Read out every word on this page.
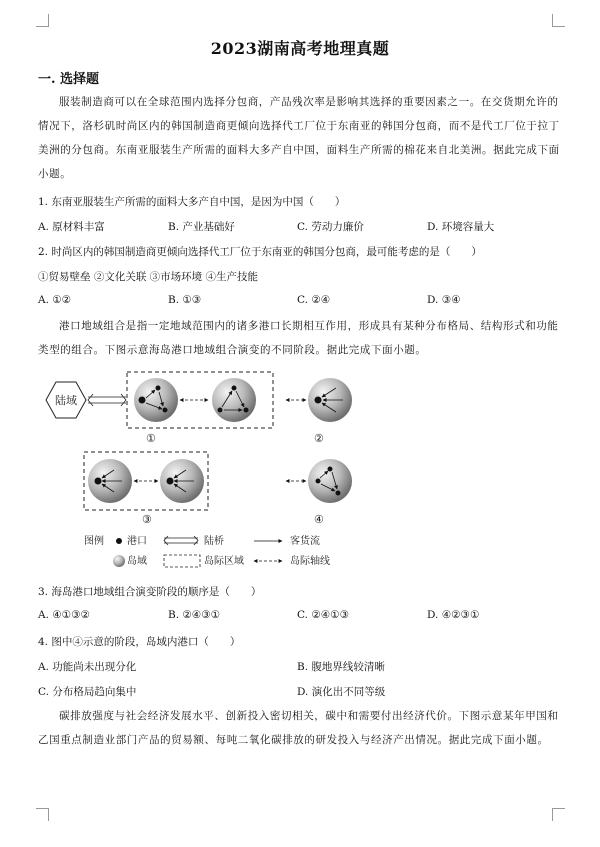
2023湖南高考地理真题
一. 选择题

服装制造商可以在全球范围内选择分包商，产品残次率是影响其选择的重要因素之一。在交货期允许的情况下，洛杉矶时尚区内的韩国制造商更倾向选择代工厂位于东南亚的韩国分包商，而不是代工厂位于拉丁美洲的分包商。东南亚服装生产所需的面料大多产自中国，面料生产所需的棉花来自北美洲。据此完成下面小题。

1. 东南亚服装生产所需的面料大多产自中国，是因为中国（　　）
A. 原材料丰富	B. 产业基础好	C. 劳动力廉价	D. 环境容量大
2. 时尚区内的韩国制造商更倾向选择代工厂位于东南亚的韩国分包商，最可能考虑的是（　　）
①贸易壁垒 ②文化关联 ③市场环境 ④生产技能
A. ①②	B. ①③	C. ②④	D. ③④

港口地域组合是指一定地域范围内的诸多港口长期相互作用，形成具有某种分布格局、结构形式和功能类型的组合。下图示意海岛港口地域组合演变的不同阶段。据此完成下面小题。

陆域
①	②
③	④
图例 港口	陆桥	客货流
岛域	岛际区域	岛际轴线
3. 海岛港口地域组合演变阶段的顺序是（　　）
A. ④①③②	B. ②④③①	C. ②④①③	D. ④②③①
4. 图中④示意的阶段，岛域内港口（　　）
A. 功能尚未出现分化	B. 腹地界线较清晰
C. 分布格局趋向集中	D. 演化出不同等级

碳排放强度与社会经济发展水平、创新投入密切相关，碳中和需要付出经济代价。下图示意某年甲国和乙国重点制造业部门产品的贸易额、每吨二氧化碳排放的研发投入与经济产出情况。据此完成下面小题。
